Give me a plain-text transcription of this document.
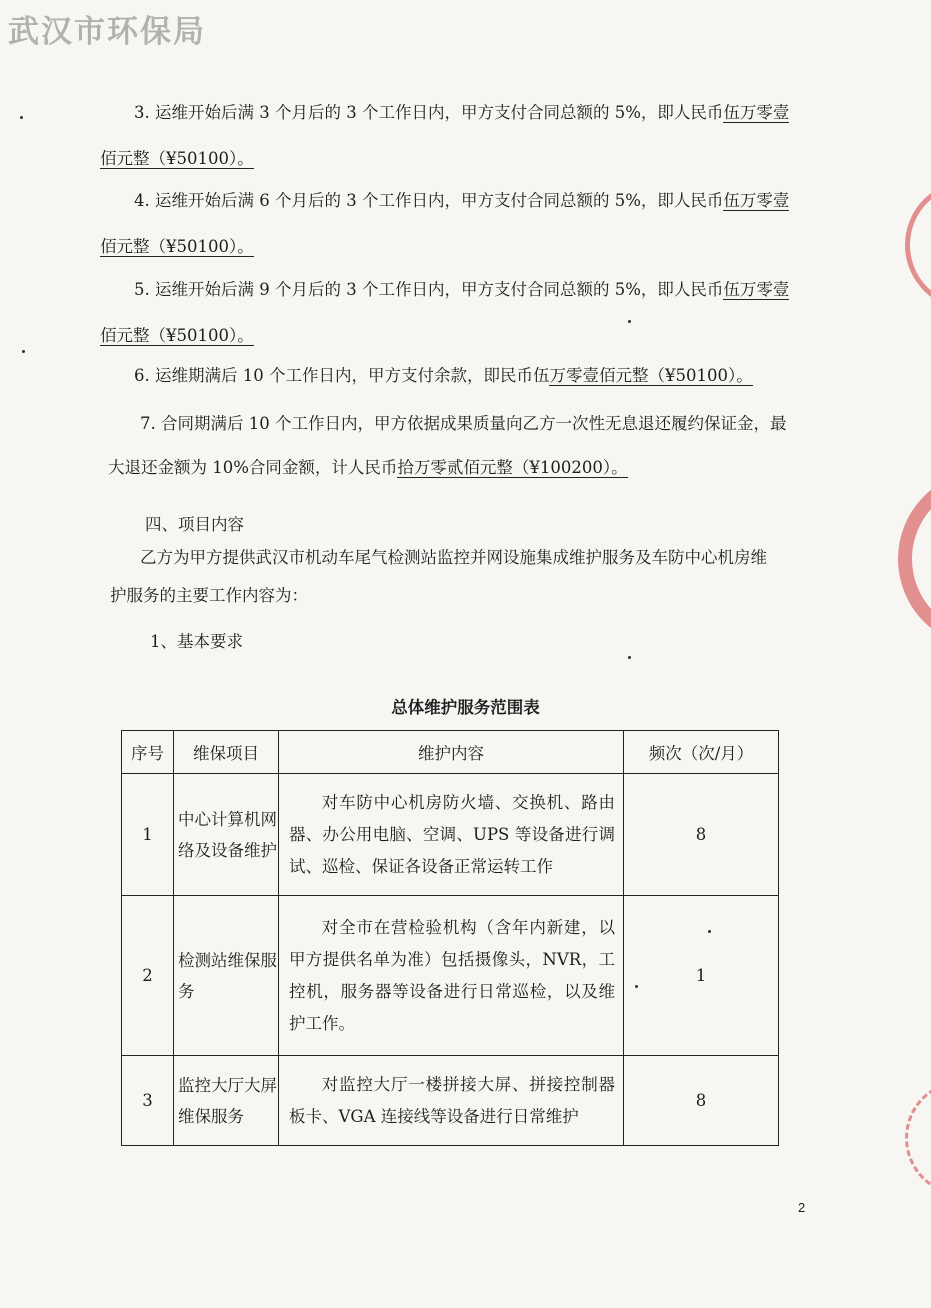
武汉市环保局
3. 运维开始后满 3 个月后的 3 个工作日内，甲方支付合同总额的 5%，即人民币伍万零壹
佰元整（¥50100）。
4. 运维开始后满 6 个月后的 3 个工作日内，甲方支付合同总额的 5%，即人民币伍万零壹
佰元整（¥50100）。
5. 运维开始后满 9 个月后的 3 个工作日内，甲方支付合同总额的 5%，即人民币伍万零壹
佰元整（¥50100）。
6. 运维期满后 10 个工作日内，甲方支付余款，即民币伍万零壹佰元整（¥50100）。
7. 合同期满后 10 个工作日内，甲方依据成果质量向乙方一次性无息退还履约保证金，最
大退还金额为 10%合同金额，计人民币拾万零贰佰元整（¥100200）。
四、项目内容
乙方为甲方提供武汉市机动车尾气检测站监控并网设施集成维护服务及车防中心机房维
护服务的主要工作内容为：
1、基本要求
总体维护服务范围表
序号	维保项目	维护内容	频次（次/月）
1	中心计算机网络及设备维护	对车防中心机房防火墙、交换机、路由器、办公用电脑、空调、UPS 等设备进行调试、巡检、保证各设备正常运转工作	8
2	检测站维保服务	对全市在营检验机构（含年内新建，以甲方提供名单为准）包括摄像头，NVR，工控机，服务器等设备进行日常巡检，以及维护工作。	1
3	监控大厅大屏维保服务	对监控大厅一楼拼接大屏、拼接控制器板卡、VGA 连接线等设备进行日常维护	8
2
